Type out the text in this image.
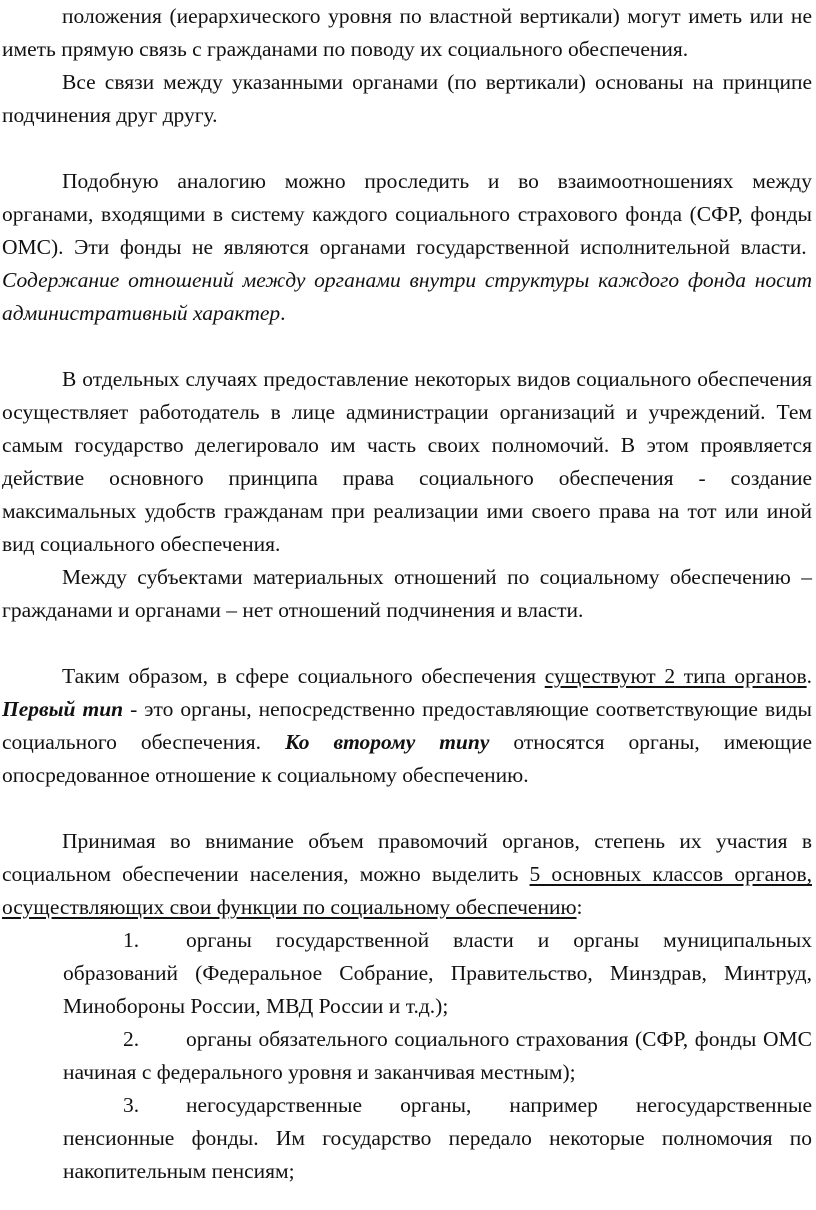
положения (иерархического уровня по властной вертикали) могут иметь или не иметь прямую связь с гражданами по поводу их социального обеспечения.

Все связи между указанными органами (по вертикали) основаны на принципе подчинения друг другу.

Подобную аналогию можно проследить и во взаимоотношениях между органами, входящими в систему каждого социального страхового фонда (СФР, фонды ОМС). Эти фонды не являются органами государственной исполнительной власти.  Содержание отношений между органами внутри структуры каждого фонда носит административный характер.

В отдельных случаях предоставление некоторых видов социального обеспечения осуществляет работодатель в лице администрации организаций и учреждений. Тем самым государство делегировало им часть своих полномочий. В этом проявляется действие основного принципа права социального обеспечения - создание максимальных удобств гражданам при реализации ими своего права на тот или иной вид социального обеспечения.

Между субъектами материальных отношений по социальному обеспечению – гражданами и органами – нет отношений подчинения и власти.

Таким образом, в сфере социального обеспечения существуют 2 типа органов. Первый тип - это органы, непосредственно предоставляющие соответствующие виды социального обеспечения. Ко второму типу относятся органы, имеющие опосредованное отношение к социальному обеспечению.

Принимая во внимание объем правомочий органов, степень их участия в социальном обеспечении населения, можно выделить 5 основных классов органов, осуществляющих свои функции по социальному обеспечению:

1. органы государственной власти и органы муниципальных образований (Федеральное Собрание, Правительство, Минздрав, Минтруд, Минобороны России, МВД России и т.д.);
2. органы обязательного социального страхования (СФР, фонды ОМС начиная с федерального уровня и заканчивая местным);
3. негосударственные органы, например негосударственные пенсионные фонды. Им государство передало некоторые полномочия по накопительным пенсиям;
